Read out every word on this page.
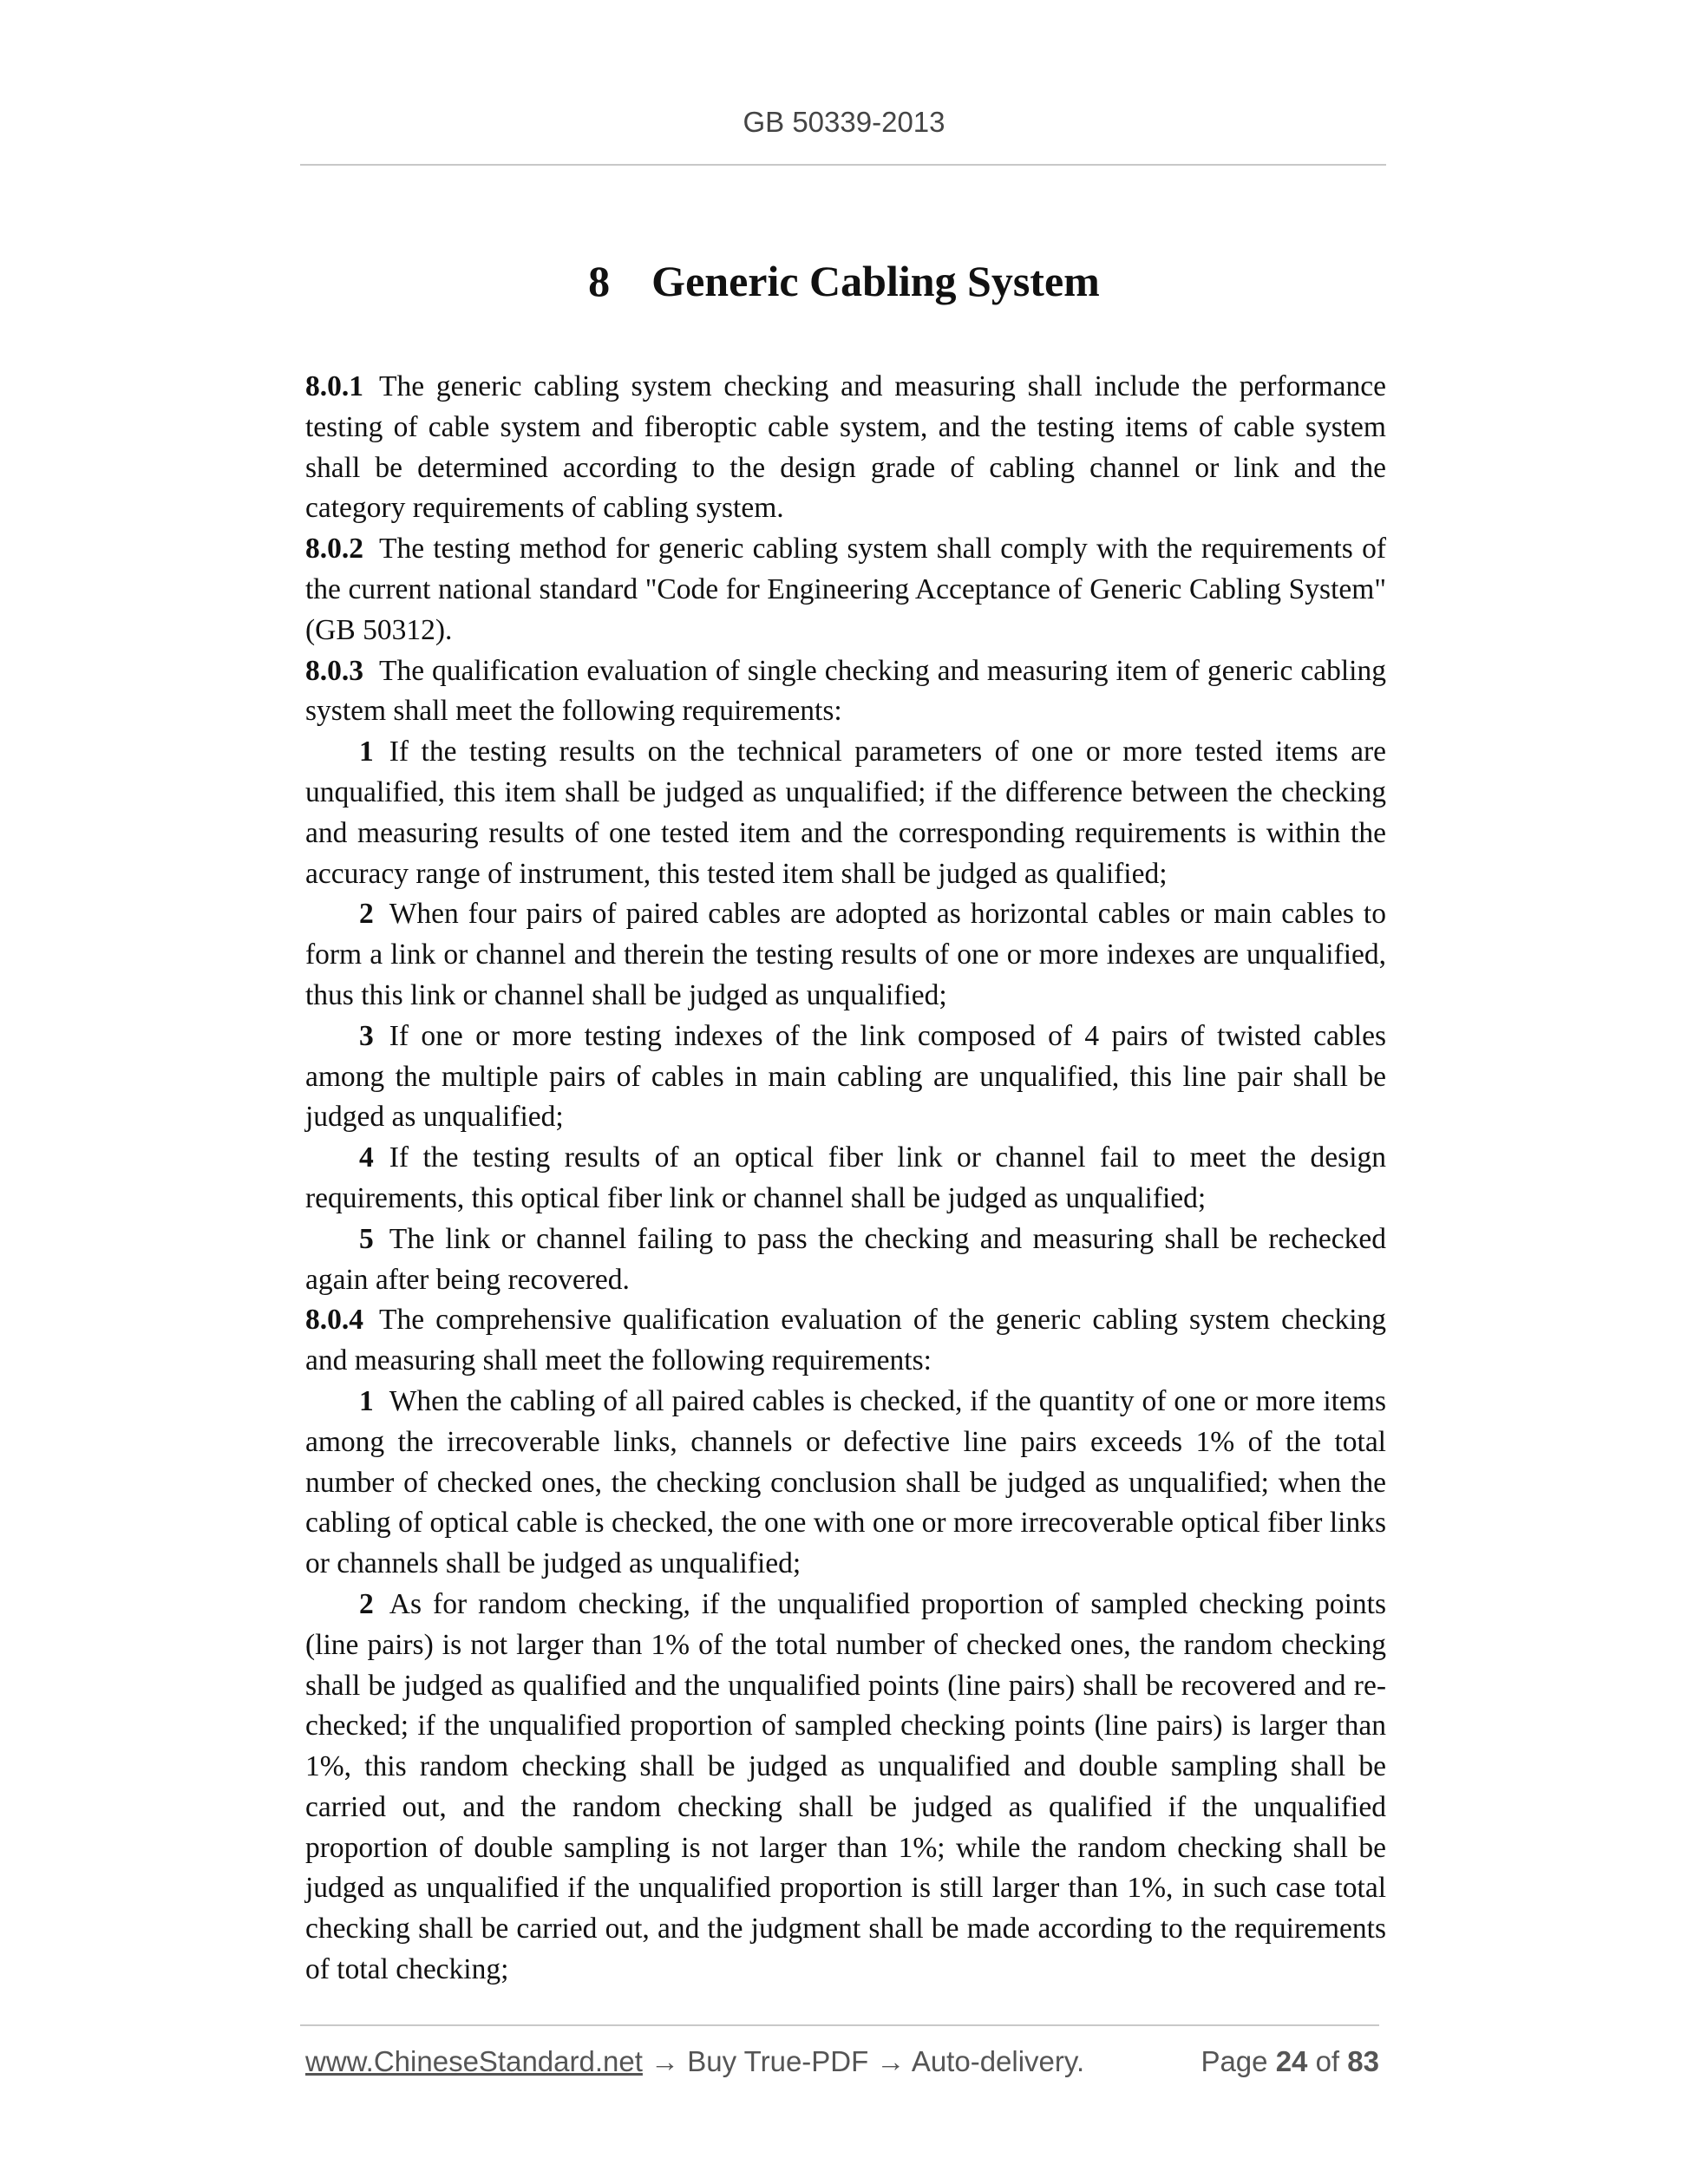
GB 50339-2013
8 Generic Cabling System

8.0.1 The generic cabling system checking and measuring shall include the performance testing of cable system and fiberoptic cable system, and the testing items of cable system shall be determined according to the design grade of cabling channel or link and the category requirements of cabling system.

8.0.2 The testing method for generic cabling system shall comply with the requirements of the current national standard "Code for Engineering Acceptance of Generic Cabling System" (GB 50312).

8.0.3 The qualification evaluation of single checking and measuring item of generic cabling system shall meet the following requirements:

1 If the testing results on the technical parameters of one or more tested items are unqualified, this item shall be judged as unqualified; if the difference between the checking and measuring results of one tested item and the corresponding requirements is within the accuracy range of instrument, this tested item shall be judged as qualified;

2 When four pairs of paired cables are adopted as horizontal cables or main cables to form a link or channel and therein the testing results of one or more indexes are unqualified, thus this link or channel shall be judged as unqualified;

3 If one or more testing indexes of the link composed of 4 pairs of twisted cables among the multiple pairs of cables in main cabling are unqualified, this line pair shall be judged as unqualified;

4 If the testing results of an optical fiber link or channel fail to meet the design requirements, this optical fiber link or channel shall be judged as unqualified;

5 The link or channel failing to pass the checking and measuring shall be rechecked again after being recovered.

8.0.4 The comprehensive qualification evaluation of the generic cabling system checking and measuring shall meet the following requirements:

1 When the cabling of all paired cables is checked, if the quantity of one or more items among the irrecoverable links, channels or defective line pairs exceeds 1% of the total number of checked ones, the checking conclusion shall be judged as unqualified; when the cabling of optical cable is checked, the one with one or more irrecoverable optical fiber links or channels shall be judged as unqualified;

2 As for random checking, if the unqualified proportion of sampled checking points (line pairs) is not larger than 1% of the total number of checked ones, the random checking shall be judged as qualified and the unqualified points (line pairs) shall be recovered and re-checked; if the unqualified proportion of sampled checking points (line pairs) is larger than 1%, this random checking shall be judged as unqualified and double sampling shall be carried out, and the random checking shall be judged as qualified if the unqualified proportion of double sampling is not larger than 1%; while the random checking shall be judged as unqualified if the unqualified proportion is still larger than 1%, in such case total checking shall be carried out, and the judgment shall be made according to the requirements of total checking;

www.ChineseStandard.net → Buy True-PDF → Auto-delivery.	Page 24 of 83
